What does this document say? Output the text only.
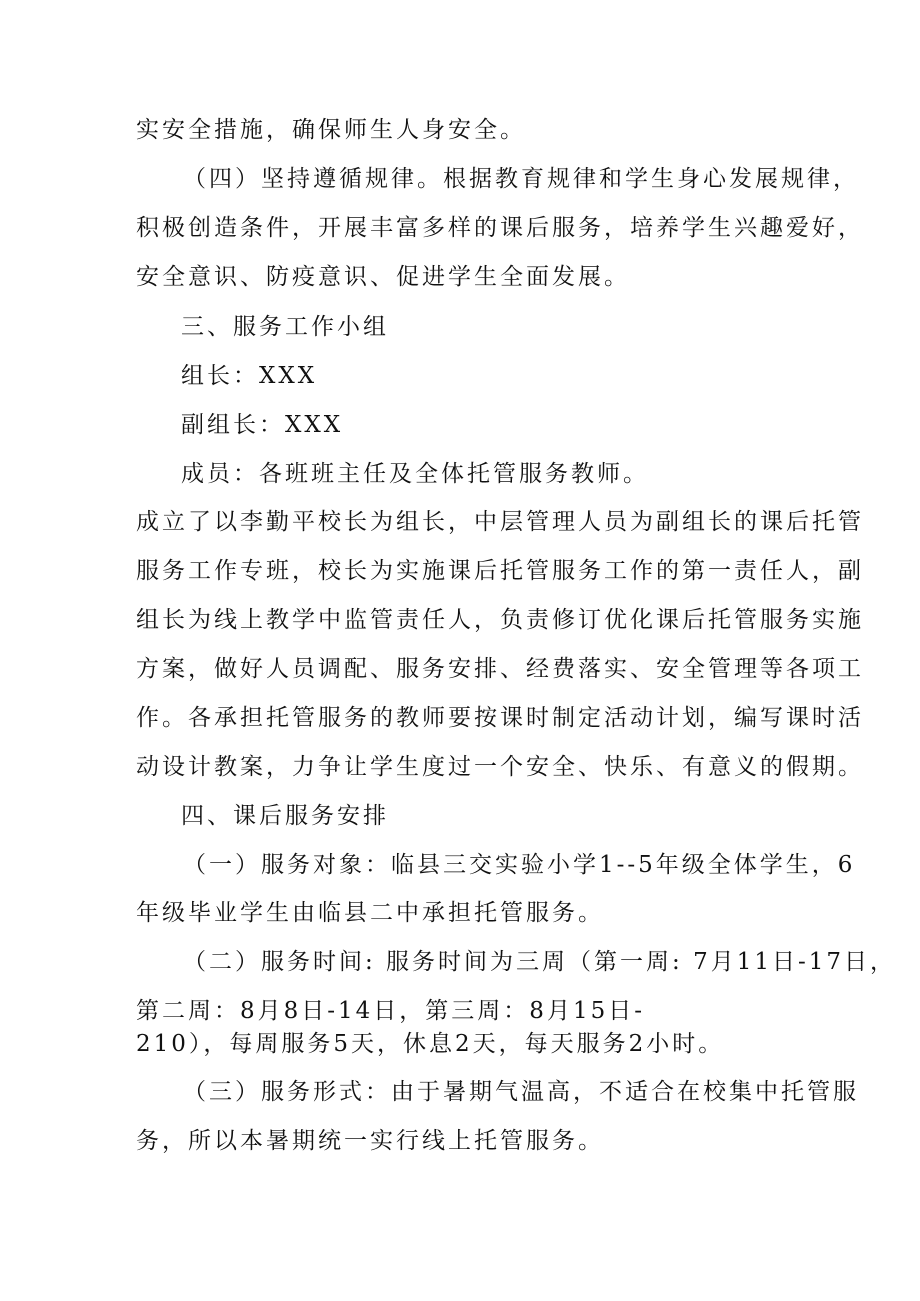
实安全措施，确保师生人身安全。
（四）坚持遵循规律。根据教育规律和学生身心发展规律，
积极创造条件，开展丰富多样的课后服务，培养学生兴趣爱好，
安全意识、防疫意识、促进学生全面发展。
三、服务工作小组
组长：XXX
副组长：XXX
成员：各班班主任及全体托管服务教师。
成立了以李勤平校长为组长，中层管理人员为副组长的课后托管
服务工作专班，校长为实施课后托管服务工作的第一责任人，副
组长为线上教学中监管责任人，负责修订优化课后托管服务实施
方案，做好人员调配、服务安排、经费落实、安全管理等各项工
作。各承担托管服务的教师要按课时制定活动计划，编写课时活
动设计教案，力争让学生度过一个安全、快乐、有意义的假期。
四、课后服务安排
（一）服务对象：临县三交实验小学1--5年级全体学生，6
年级毕业学生由临县二中承担托管服务。
（二）服务时间: 服务时间为三周（第一周: 7月11日-17日，
第二周：8月8日-14日，第三周：8月15日-
210），每周服务5天，休息2天，每天服务2小时。
（三）服务形式：由于暑期气温高，不适合在校集中托管服
务，所以本暑期统一实行线上托管服务。
